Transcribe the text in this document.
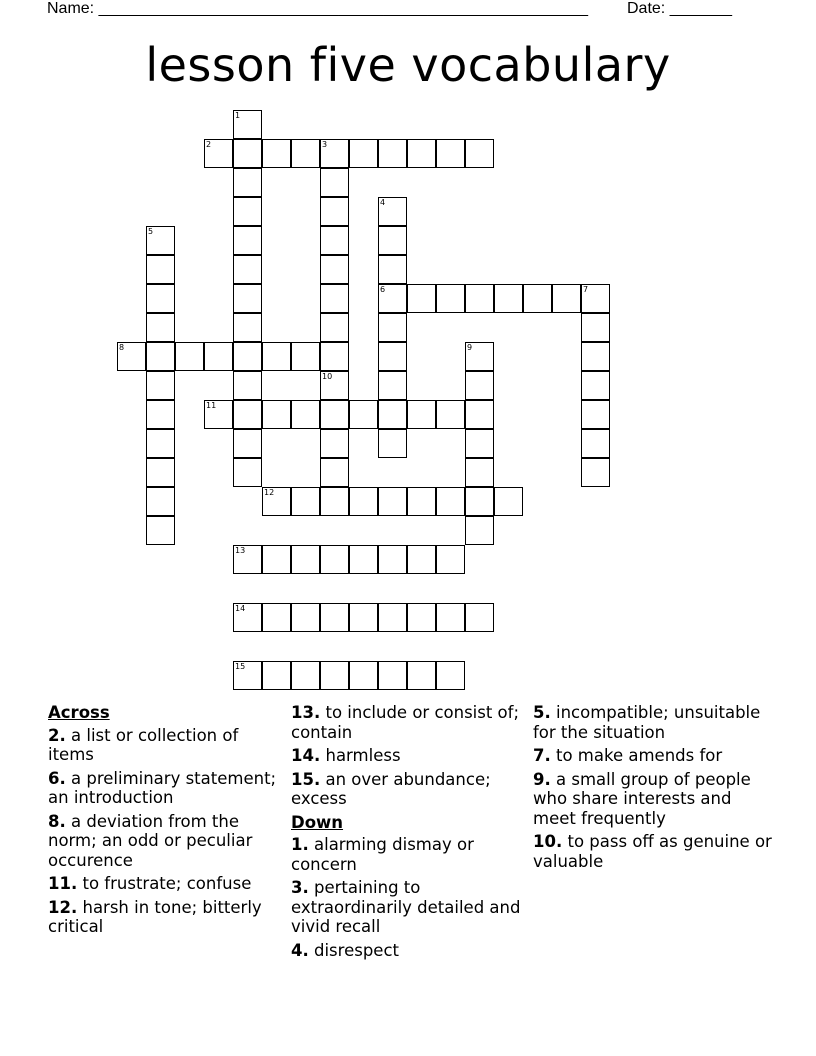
Name: _______________________________________________________ Date: _______
lesson five vocabulary
1
2	3
4
5
6	7
8	9
10
11
12
13
14
15
Across
2. a list or collection of items
6. a preliminary statement; an introduction
8. a deviation from the norm; an odd or peculiar occurence
11. to frustrate; confuse
12. harsh in tone; bitterly critical
13. to include or consist of; contain
14. harmless
15. an over abundance; excess
Down
1. alarming dismay or concern
3. pertaining to extraordinarily detailed and vivid recall
4. disrespect
5. incompatible; unsuitable for the situation
7. to make amends for
9. a small group of people who share interests and meet frequently
10. to pass off as genuine or valuable
